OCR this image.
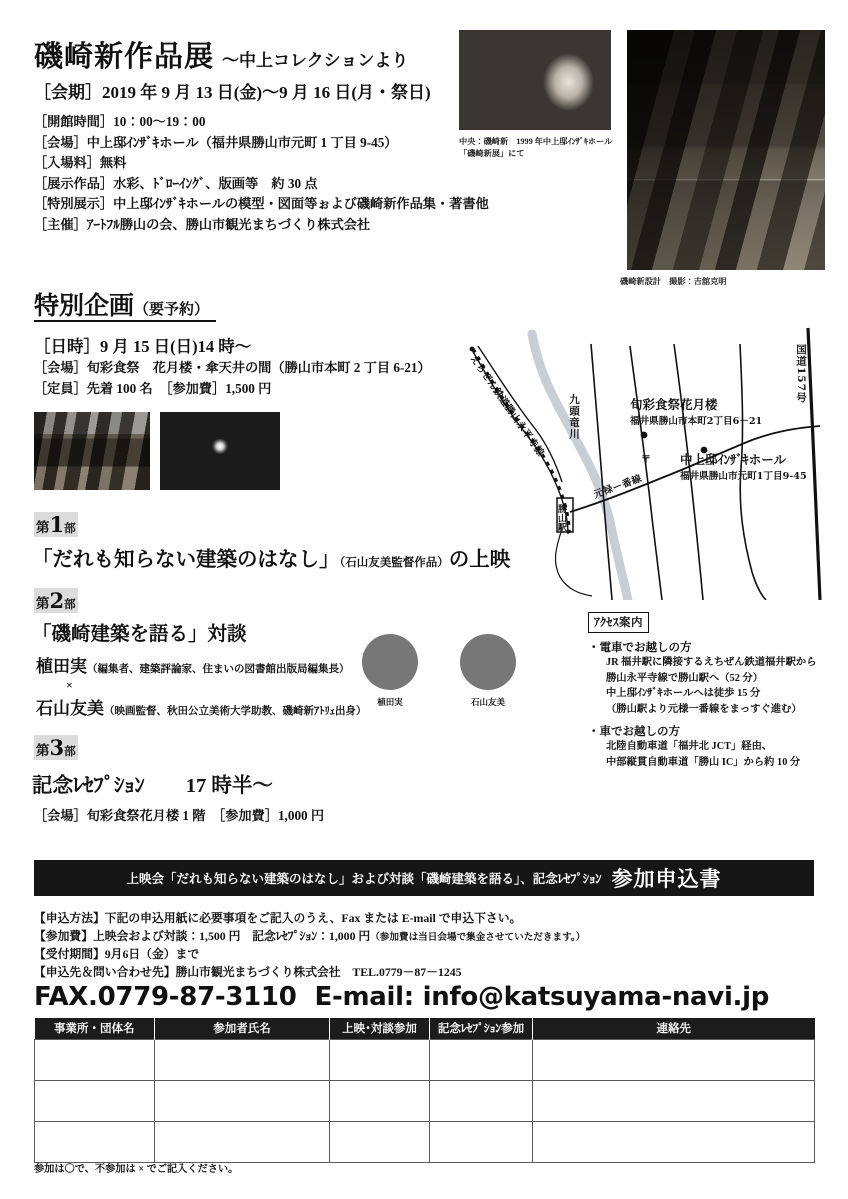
磯崎新作品展 〜中上コレクションより
［会期］2019 年 9 月 13 日(金)〜9 月 16 日(月・祭日)
［開館時間］10：00〜19：00
［会場］中上邸ｲﾝｻﾞｷホール（福井県勝山市元町 1 丁目 9-45）
［入場料］無料
［展示作品］水彩、ﾄﾞﾛｰｲﾝｸﾞ、版画等　約 30 点
［特別展示］中上邸ｲﾝｻﾞｷホールの模型・図面等ぉよび磯崎新作品集・著書他
［主催］ｱｰﾄﾌﾙ勝山の会、勝山市観光まちづくり株式会社
中央：磯崎新　1999 年中上邸ｲﾝｻﾞｷホール「磯崎新展」にて
磯崎新設計　撮影：吉舘克明
特別企画（要予約）
［日時］9 月 15 日(日)14 時〜
［会場］旬彩食祭　花月楼・傘天井の間（勝山市本町 2 丁目 6-21）
［定員］先着 100 名　［参加費］1,500 円
第1部
「だれも知らない建築のはなし」（石山友美監督作品）の上映
第2部
「磯崎建築を語る」対談
植田実（編集者、建築評論家、住まいの図書館出版局編集長）
×
石山友美（映画監督、秋田公立美術大学助教、磯崎新ｱﾄﾘｪ出身）
植田実	石山友美
第3部
記念ﾚｾﾌﾟｼｮﾝ　　17 時半〜
［会場］旬彩食祭花月楼 1 階　［参加費］1,000 円
旬彩食祭花月楼
福井県勝山市本町2丁目6－21
中上邸ｲﾝｻﾞｷホール
福井県勝山市元町1丁目9-45
〒
国道157号
九頭竜川
えちぜん鉄道勝山永平寺線
元禄ー番線
勝山駅
ｱｸｾｽ案内
・電車でお越しの方
JR 福井駅に隣接するえちぜん鉄道福井駅から
勝山永平寺線で勝山駅へ（52 分）
中上邸ｲﾝｻﾞｷホールへは徒歩 15 分
（勝山駅より元様一番線をまっすぐ進む）
・車でお越しの方
北陸自動車道「福井北 JCT」経由、
中部縦貫自動車道「勝山 IC」から約 10 分
上映会「だれも知らない建築のはなし」および対談「磯崎建築を語る」、記念ﾚｾﾌﾟｼｮﾝ 参加申込書
【申込方法】下記の申込用紙に必要事項をご記入のうえ、Fax または E-mail で申込下さい。
【参加費】上映会および対談：1,500 円　記念ﾚｾﾌﾟｼｮﾝ：1,000 円（参加費は当日会場で集金させていただきます。）
【受付期間】9月6日（金）まで
【申込先＆問い合わせ先】勝山市観光まちづくり株式会社　TEL.0779－87－1245
FAX.0779-87-3110 E-mail: info@katsuyama-navi.jp
事業所・団体名	参加者氏名	上映･対談参加	記念ﾚｾﾌﾟｼｮﾝ参加	連絡先

参加は〇で、不参加は × でご記入ください。
